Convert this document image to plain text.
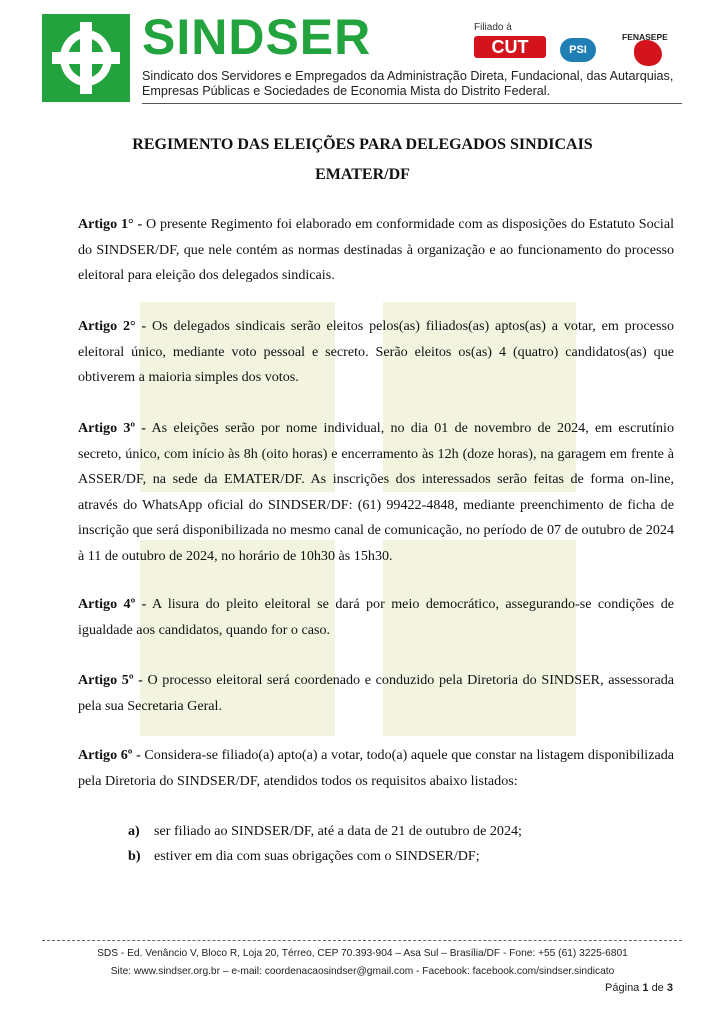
SINDSER
Sindicato dos Servidores e Empregados da Administração Direta, Fundacional, das Autarquias,
Empresas Públicas e Sociedades de Economia Mista do Distrito Federal.
Filiado à
CUT	PSI
FENASEPE
REGIMENTO DAS ELEIÇÕES PARA DELEGADOS SINDICAIS
EMATER/DF
Artigo 1° - O presente Regimento foi elaborado em conformidade com as disposições do Estatuto Social do SINDSER/DF, que nele contém as normas destinadas à organização e ao funcionamento do processo eleitoral para eleição dos delegados sindicais.
Artigo 2° - Os delegados sindicais serão eleitos pelos(as) filiados(as) aptos(as) a votar, em processo eleitoral único, mediante voto pessoal e secreto. Serão eleitos os(as) 4 (quatro) candidatos(as) que obtiverem a maioria simples dos votos.
Artigo 3º - As eleições serão por nome individual, no dia 01 de novembro de 2024, em escrutínio secreto, único, com início às 8h (oito horas) e encerramento às 12h (doze horas), na garagem em frente à ASSER/DF, na sede da EMATER/DF. As inscrições dos interessados serão feitas de forma on-line, através do WhatsApp oficial do SINDSER/DF: (61) 99422-4848, mediante preenchimento de ficha de inscrição que será disponibilizada no mesmo canal de comunicação, no período de 07 de outubro de 2024 à 11 de outubro de 2024, no horário de 10h30 às 15h30.
Artigo 4º - A lisura do pleito eleitoral se dará por meio democrático, assegurando-se condições de igualdade aos candidatos, quando for o caso.
Artigo 5º - O processo eleitoral será coordenado e conduzido pela Diretoria do SINDSER, assessorada pela sua Secretaria Geral.
Artigo 6º - Considera-se filiado(a) apto(a) a votar, todo(a) aquele que constar na listagem disponibilizada pela Diretoria do SINDSER/DF, atendidos todos os requisitos abaixo listados:
a) ser filiado ao SINDSER/DF, até a data de 21 de outubro de 2024;
b) estiver em dia com suas obrigações com o SINDSER/DF;
SDS - Ed. Venâncio V, Bloco R, Loja 20, Térreo, CEP 70.393-904 – Asa Sul – Brasília/DF - Fone: +55 (61) 3225-6801
Site: www.sindser.org.br – e-mail: coordenacaosindser@gmail.com - Facebook: facebook.com/sindser.sindicato
Página 1 de 3
